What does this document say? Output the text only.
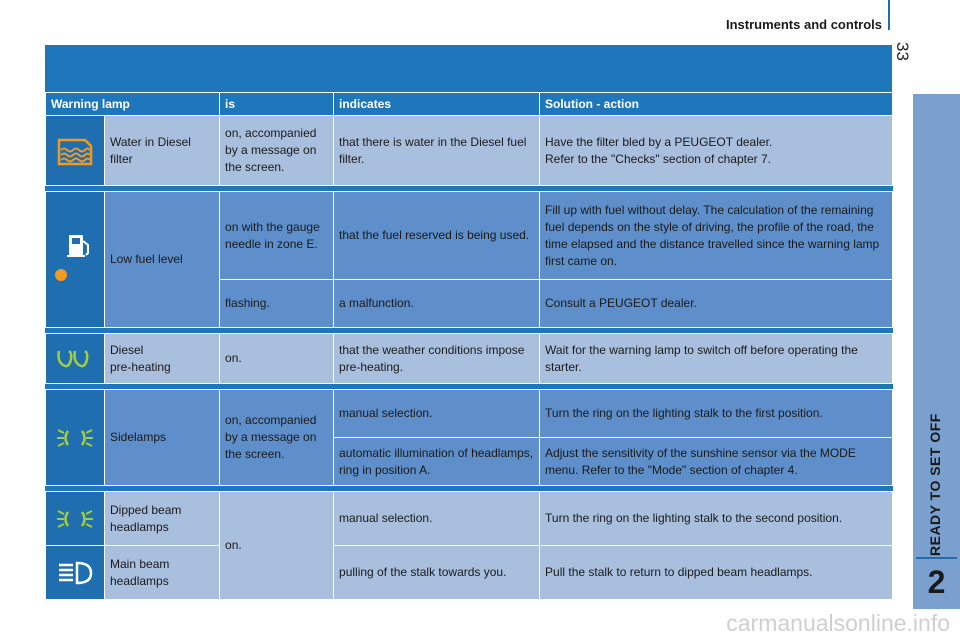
Instruments and controls
33
READY TO SET OFF
2
Warning lamp		is	indicates	Solution - action

	Water in Diesel filter	on, accompanied by a message on the screen.	that there is water in the Diesel fuel filter.	Have the filter bled by a PEUGEOT dealer.
Refer to the "Checks" section of chapter 7.

	Low fuel level	on with the gauge needle in zone E.	that the fuel reserved is being used.	Fill up with fuel without delay. The calculation of the remaining fuel depends on the style of driving, the profile of the road, the time elapsed and the distance travelled since the warning lamp first came on.
		flashing.	a malfunction.	Consult a PEUGEOT dealer.

	Diesel
pre-heating	on.	that the weather conditions impose pre-heating.	Wait for the warning lamp to switch off before operating the starter.

	Sidelamps	on, accompanied by a message on the screen.	manual selection.	Turn the ring on the lighting stalk to the first position.
			automatic illumination of headlamps, ring in position A.	Adjust the sensitivity of the sunshine sensor via the MODE menu. Refer to the "Mode" section of chapter 4.

	Dipped beam headlamps	on.	manual selection.	Turn the ring on the lighting stalk to the second position.

	Main beam headlamps		pulling of the stalk towards you.	Pull the stalk to return to dipped beam headlamps.
carmanualsonline.info
